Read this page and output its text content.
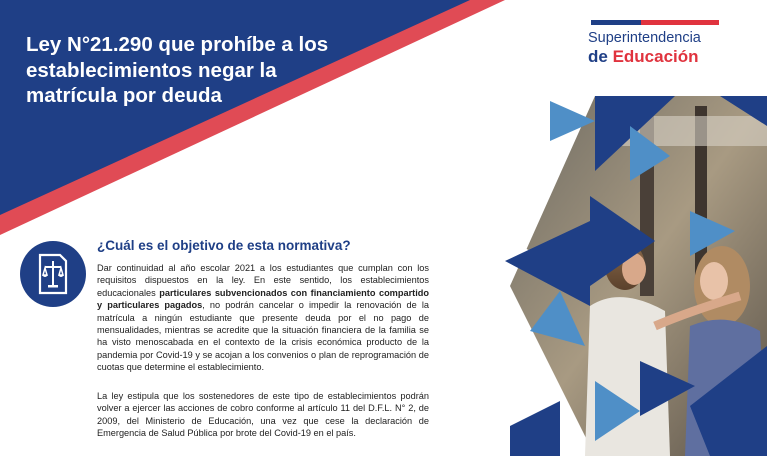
Ley N°21.290 que prohíbe a los establecimientos negar la matrícula por deuda
Superintendencia
de Educación
¿Cuál es el objetivo de esta normativa?

Dar continuidad al año escolar 2021 a los estudiantes que cumplan con los requisitos dispuestos en la ley. En este sentido, los establecimientos educacionales particulares subvencionados con financiamiento compartido y particulares pagados, no podrán cancelar o impedir la renovación de la matrícula a ningún estudiante que presente deuda por el no pago de mensualidades, mientras se acredite que la situación financiera de la familia se ha visto menoscabada en el contexto de la crisis económica producto de la pandemia por Covid-19 y se acojan a los convenios o plan de reprogramación de cuotas que determine el establecimiento.

La ley estipula que los sostenedores de este tipo de establecimientos podrán volver a ejercer las acciones de cobro conforme al artículo 11 del D.F.L. N° 2, de 2009, del Ministerio de Educación, una vez que cese la declaración de Emergencia de Salud Pública por brote del Covid-19 en el país.
